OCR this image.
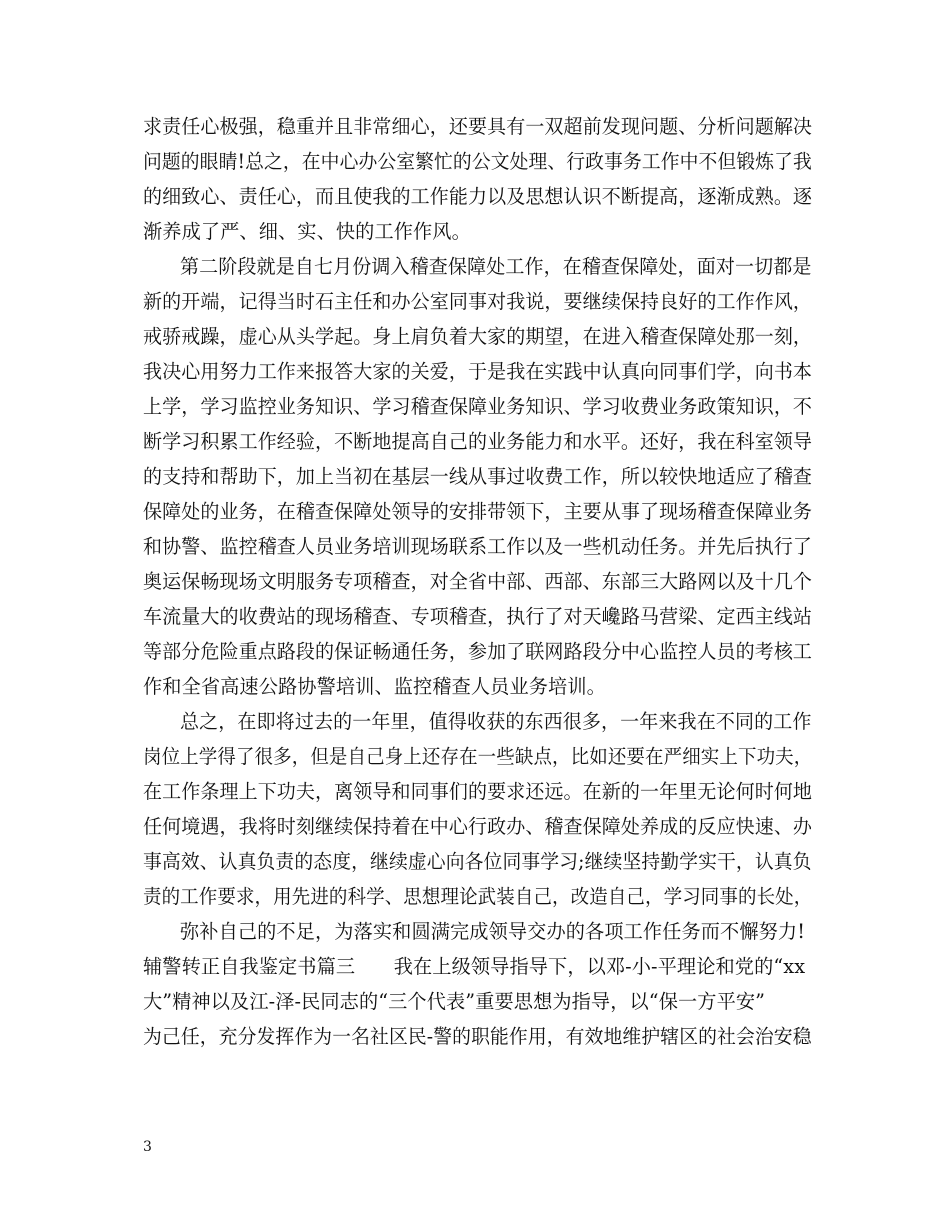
求责任心极强，稳重并且非常细心，还要具有一双超前发现问题、分析问题解决
问题的眼睛!总之，在中心办公室繁忙的公文处理、行政事务工作中不但锻炼了我
的细致心、责任心，而且使我的工作能力以及思想认识不断提高，逐渐成熟。逐
渐养成了严、细、实、快的工作作风。
第二阶段就是自七月份调入稽查保障处工作，在稽查保障处，面对一切都是
新的开端，记得当时石主任和办公室同事对我说，要继续保持良好的工作作风，
戒骄戒躁，虚心从头学起。身上肩负着大家的期望，在进入稽查保障处那一刻，
我决心用努力工作来报答大家的关爱，于是我在实践中认真向同事们学，向书本
上学，学习监控业务知识、学习稽查保障业务知识、学习收费业务政策知识，不
断学习积累工作经验，不断地提高自己的业务能力和水平。还好，我在科室领导
的支持和帮助下，加上当初在基层一线从事过收费工作，所以较快地适应了稽查
保障处的业务，在稽查保障处领导的安排带领下，主要从事了现场稽查保障业务
和协警、监控稽查人员业务培训现场联系工作以及一些机动任务。并先后执行了
奥运保畅现场文明服务专项稽查，对全省中部、西部、东部三大路网以及十几个
车流量大的收费站的现场稽查、专项稽查，执行了对天巉路马营梁、定西主线站
等部分危险重点路段的保证畅通任务，参加了联网路段分中心监控人员的考核工
作和全省高速公路协警培训、监控稽查人员业务培训。
总之，在即将过去的一年里，值得收获的东西很多，一年来我在不同的工作
岗位上学得了很多，但是自己身上还存在一些缺点，比如还要在严细实上下功夫，
在工作条理上下功夫，离领导和同事们的要求还远。在新的一年里无论何时何地
任何境遇，我将时刻继续保持着在中心行政办、稽查保障处养成的反应快速、办
事高效、认真负责的态度，继续虚心向各位同事学习;继续坚持勤学实干，认真负
责的工作要求，用先进的科学、思想理论武装自己，改造自己，学习同事的长处，
弥补自己的不足，为落实和圆满完成领导交办的各项工作任务而不懈努力!
辅警转正自我鉴定书篇三　　我在上级领导指导下，以邓-小-平理论和党的“xx
大”精神以及江-泽-民同志的“三个代表”重要思想为指导，以“保一方平安”
为己任，充分发挥作为一名社区民-警的职能作用，有效地维护辖区的社会治安稳
3
